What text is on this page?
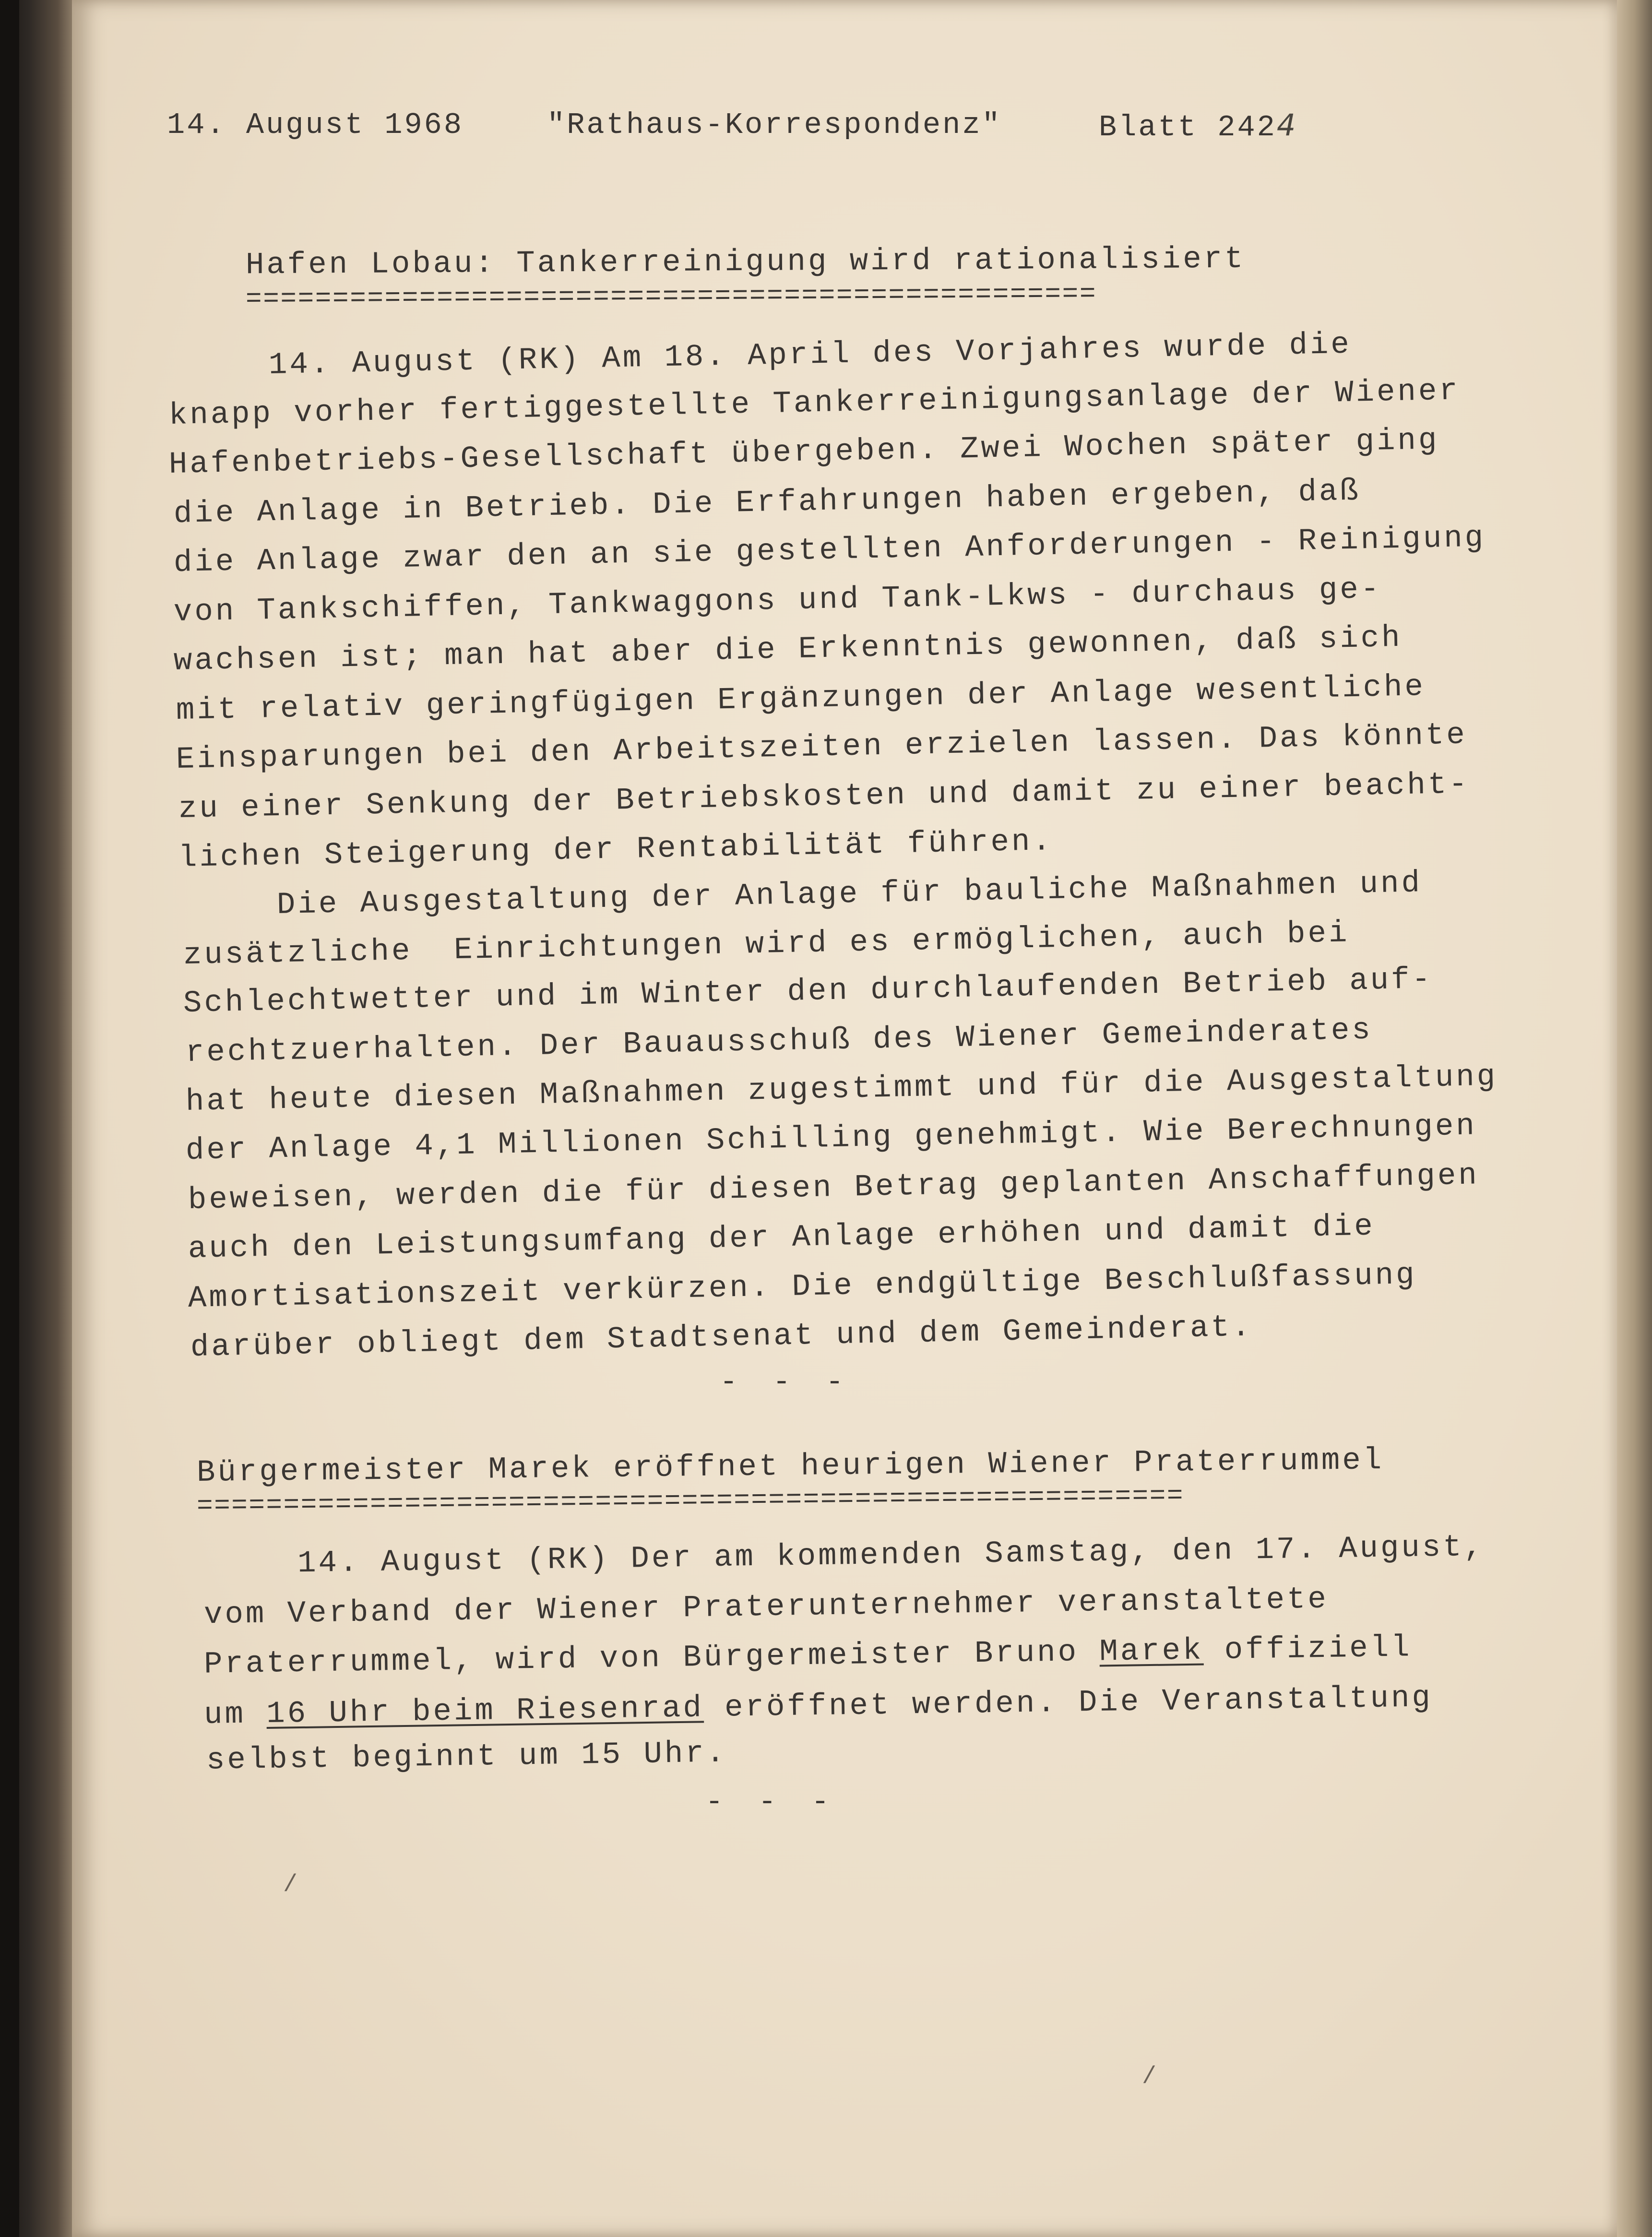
14. August 1968	"Rathaus-Korrespondenz"	Blatt 2424
Hafen Lobau: Tankerreinigung wird rationalisiert
=================================================
14. August (RK) Am 18. April des Vorjahres wurde die
knapp vorher fertiggestellte Tankerreinigungsanlage der Wiener
Hafenbetriebs-Gesellschaft übergeben. Zwei Wochen später ging
die Anlage in Betrieb. Die Erfahrungen haben ergeben, daß
die Anlage zwar den an sie gestellten Anforderungen - Reinigung
von Tankschiffen, Tankwaggons und Tank-Lkws - durchaus ge-
wachsen ist; man hat aber die Erkenntnis gewonnen, daß sich
mit relativ geringfügigen Ergänzungen der Anlage wesentliche
Einsparungen bei den Arbeitszeiten erzielen lassen. Das könnte
zu einer Senkung der Betriebskosten und damit zu einer beacht-
lichen Steigerung der Rentabilität führen.
Die Ausgestaltung der Anlage für bauliche Maßnahmen und
zusätzliche  Einrichtungen wird es ermöglichen, auch bei
Schlechtwetter und im Winter den durchlaufenden Betrieb auf-
rechtzuerhalten. Der Bauausschuß des Wiener Gemeinderates
hat heute diesen Maßnahmen zugestimmt und für die Ausgestaltung
der Anlage 4,1 Millionen Schilling genehmigt. Wie Berechnungen
beweisen, werden die für diesen Betrag geplanten Anschaffungen
auch den Leistungsumfang der Anlage erhöhen und damit die
Amortisationszeit verkürzen. Die endgültige Beschlußfassung
darüber obliegt dem Stadtsenat und dem Gemeinderat.
- - -
Bürgermeister Marek eröffnet heurigen Wiener Praterrummel
=========================================================
14. August (RK) Der am kommenden Samstag, den 17. August,
vom Verband der Wiener Praterunternehmer veranstaltete
Praterrummel, wird von Bürgermeister Bruno Marek offiziell
um 16 Uhr beim Riesenrad eröffnet werden. Die Veranstaltung
selbst beginnt um 15 Uhr.
- - -
/
/
